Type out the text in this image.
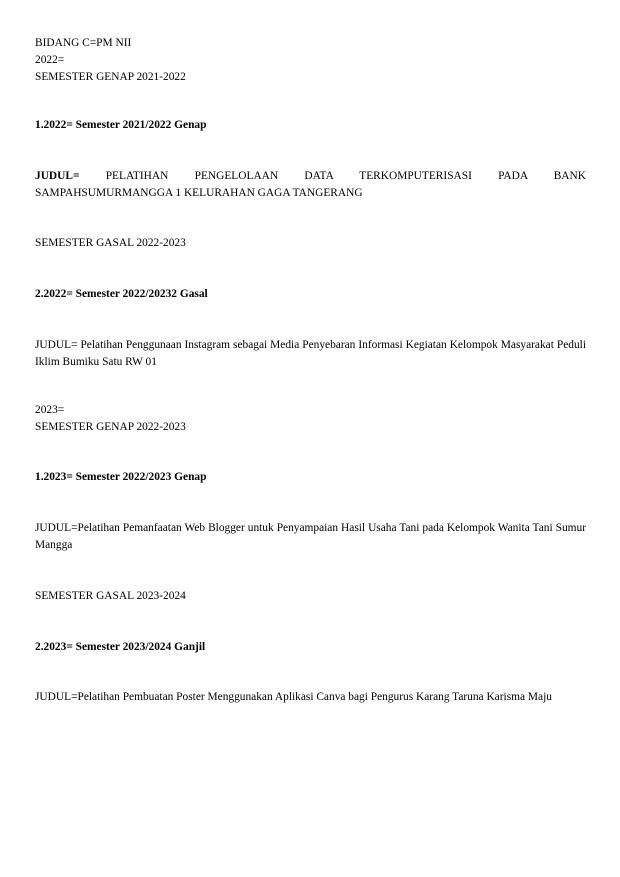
BIDANG C=PM NII
2022=
SEMESTER GENAP 2021-2022
1.2022= Semester 2021/2022 Genap
JUDUL= PELATIHAN PENGELOLAAN DATA TERKOMPUTERISASI PADA BANK SAMPAHSUMURMANGGA 1 KELURAHAN GAGA TANGERANG
SEMESTER GASAL 2022-2023
2.2022= Semester 2022/20232 Gasal
JUDUL= Pelatihan Penggunaan Instagram sebagai Media Penyebaran Informasi Kegiatan Kelompok Masyarakat Peduli Iklim Bumiku Satu RW 01
2023=
SEMESTER GENAP 2022-2023
1.2023= Semester 2022/2023 Genap
JUDUL=Pelatihan Pemanfaatan Web Blogger untuk Penyampaian Hasil Usaha Tani pada Kelompok Wanita Tani Sumur Mangga
SEMESTER GASAL 2023-2024
2.2023= Semester 2023/2024 Ganjil
JUDUL=Pelatihan Pembuatan Poster Menggunakan Aplikasi Canva bagi Pengurus Karang Taruna Karisma Maju
